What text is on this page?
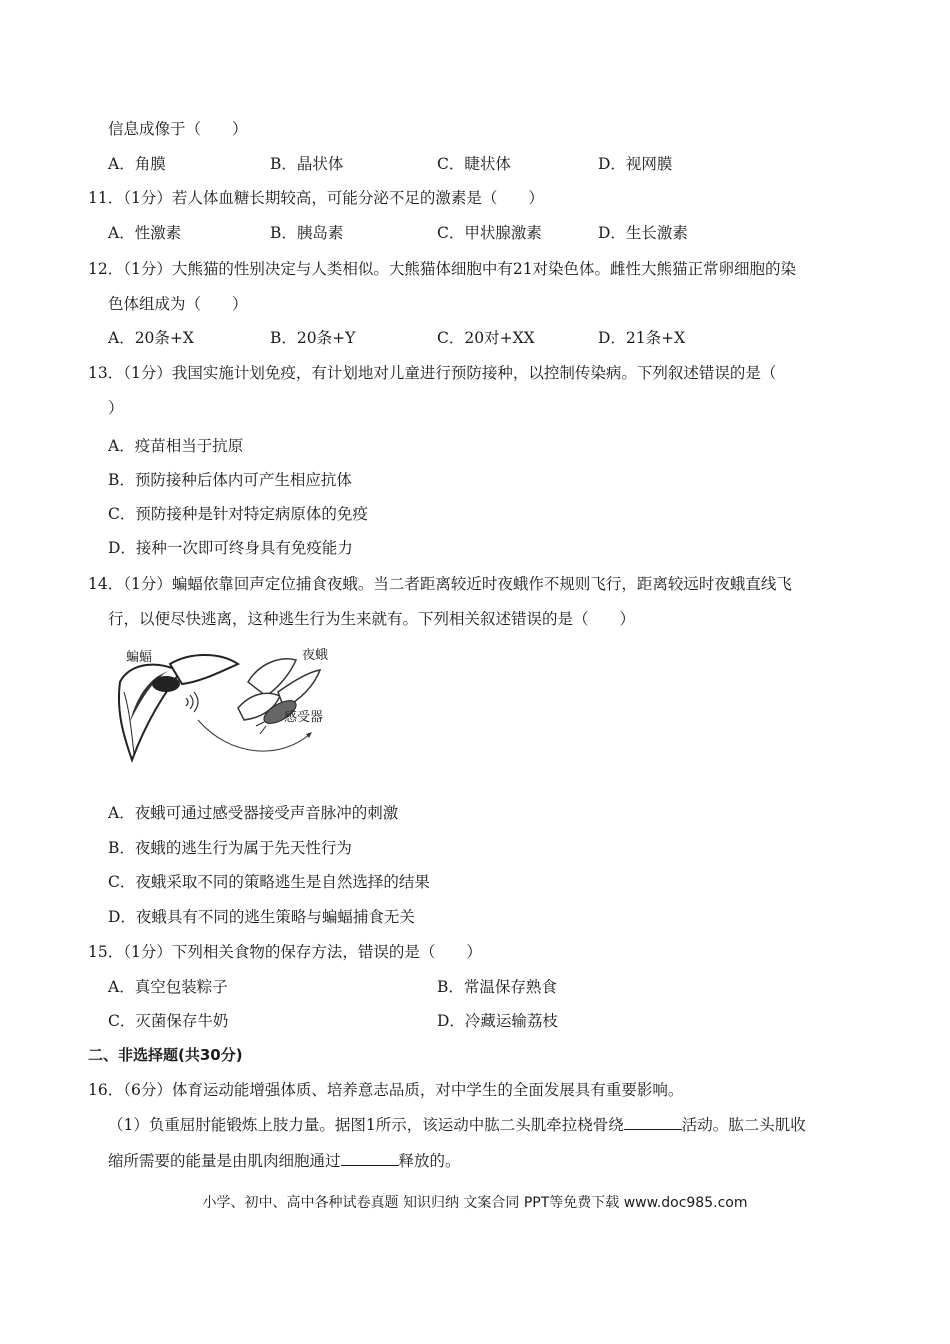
信息成像于（　　）
A．角膜	B．晶状体	C．睫状体	D．视网膜
11．（1分）若人体血糖长期较高，可能分泌不足的激素是（　　）
A．性激素	B．胰岛素	C．甲状腺激素	D．生长激素
12．（1分）大熊猫的性别决定与人类相似。大熊猫体细胞中有21对染色体。雌性大熊猫正常卵细胞的染
色体组成为（　　）
A．20条+X	B．20条+Y	C．20对+XX	D．21条+X
13．（1分）我国实施计划免疫，有计划地对儿童进行预防接种，以控制传染病。下列叙述错误的是（
）
A．疫苗相当于抗原
B．预防接种后体内可产生相应抗体
C．预防接种是针对特定病原体的免疫
D．接种一次即可终身具有免疫能力
14．（1分）蝙蝠依靠回声定位捕食夜蛾。当二者距离较近时夜蛾作不规则飞行，距离较远时夜蛾直线飞
行，以便尽快逃离，这种逃生行为生来就有。下列相关叙述错误的是（　　）
蝙蝠	夜蛾
感受器
A．夜蛾可通过感受器接受声音脉冲的刺激
B．夜蛾的逃生行为属于先天性行为
C．夜蛾采取不同的策略逃生是自然选择的结果
D．夜蛾具有不同的逃生策略与蝙蝠捕食无关
15．（1分）下列相关食物的保存方法，错误的是（　　）
A．真空包装粽子	B．常温保存熟食
C．灭菌保存牛奶	D．冷藏运输荔枝
二、非选择题(共30分)
16．（6分）体育运动能增强体质、培养意志品质，对中学生的全面发展具有重要影响。
（1）负重屈肘能锻炼上肢力量。据图1所示，该运动中肱二头肌牵拉桡骨绕	活动。肱二头肌收
缩所需要的能量是由肌肉细胞通过	释放的。
小学、初中、高中各种试卷真题 知识归纳 文案合同 PPT等免费下载 www.doc985.com
